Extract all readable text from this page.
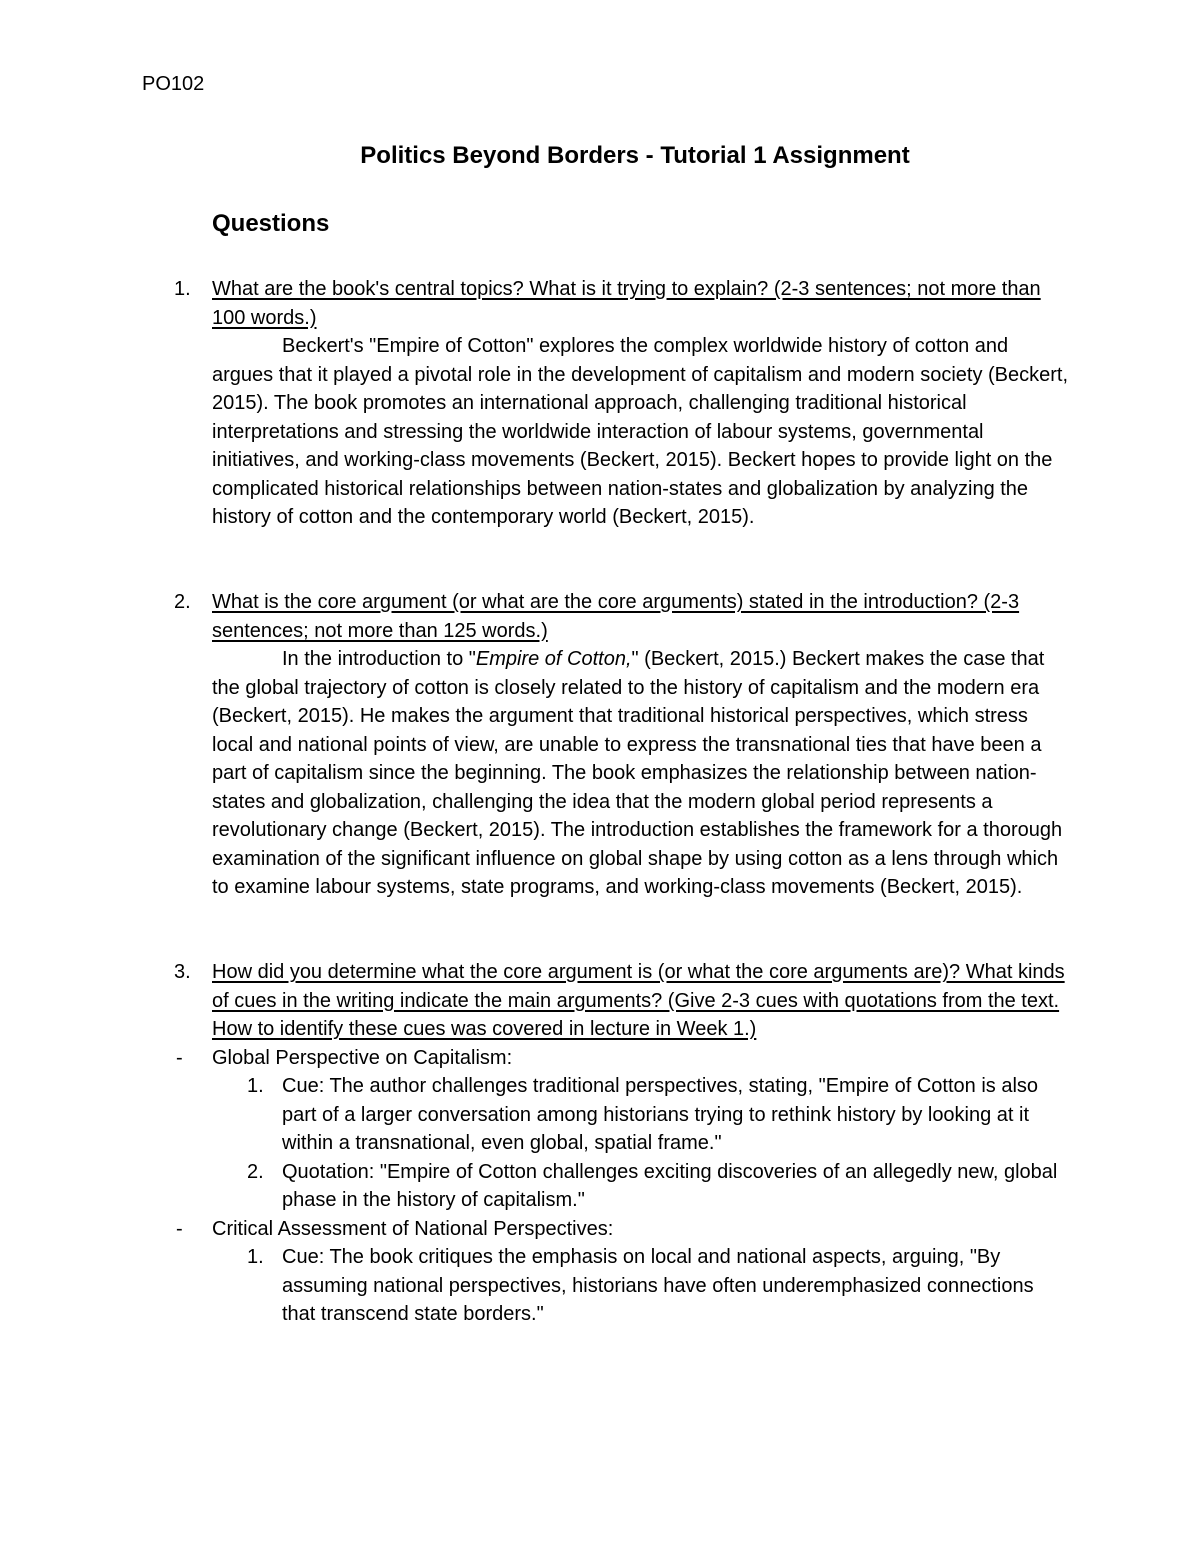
PO102
Politics Beyond Borders - Tutorial 1 Assignment
Questions
1. What are the book's central topics? What is it trying to explain? (2-3 sentences; not more than 100 words.)
Beckert's "Empire of Cotton" explores the complex worldwide history of cotton and argues that it played a pivotal role in the development of capitalism and modern society (Beckert, 2015). The book promotes an international approach, challenging traditional historical interpretations and stressing the worldwide interaction of labour systems, governmental initiatives, and working-class movements (Beckert, 2015). Beckert hopes to provide light on the complicated historical relationships between nation-states and globalization by analyzing the history of cotton and the contemporary world (Beckert, 2015).
2. What is the core argument (or what are the core arguments) stated in the introduction? (2-3 sentences; not more than 125 words.)
In the introduction to "Empire of Cotton," (Beckert, 2015.) Beckert makes the case that the global trajectory of cotton is closely related to the history of capitalism and the modern era (Beckert, 2015). He makes the argument that traditional historical perspectives, which stress local and national points of view, are unable to express the transnational ties that have been a part of capitalism since the beginning. The book emphasizes the relationship between nation-states and globalization, challenging the idea that the modern global period represents a revolutionary change (Beckert, 2015). The introduction establishes the framework for a thorough examination of the significant influence on global shape by using cotton as a lens through which to examine labour systems, state programs, and working-class movements (Beckert, 2015).
3. How did you determine what the core argument is (or what the core arguments are)? What kinds of cues in the writing indicate the main arguments? (Give 2-3 cues with quotations from the text. How to identify these cues was covered in lecture in Week 1.)
- Global Perspective on Capitalism:
1. Cue: The author challenges traditional perspectives, stating, "Empire of Cotton is also part of a larger conversation among historians trying to rethink history by looking at it within a transnational, even global, spatial frame."
2. Quotation: "Empire of Cotton challenges exciting discoveries of an allegedly new, global phase in the history of capitalism."
- Critical Assessment of National Perspectives:
1. Cue: The book critiques the emphasis on local and national aspects, arguing, "By assuming national perspectives, historians have often underemphasized connections that transcend state borders."
